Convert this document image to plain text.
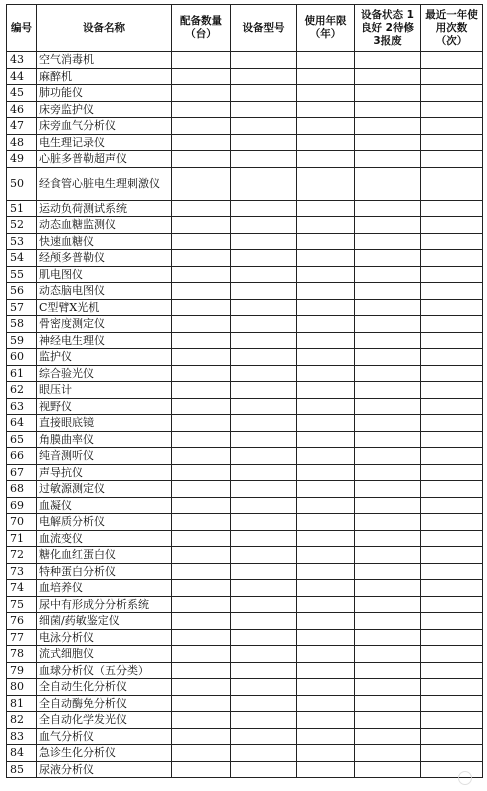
编号	设备名称	配备数量（台）	设备型号	使用年限（年）	设备状态 1良好 2待修 3报废	最近一年使用次数（次）
43	空气消毒机					
44	麻醉机					
45	肺功能仪					
46	床旁监护仪					
47	床旁血气分析仪					
48	电生理记录仪					
49	心脏多普勒超声仪					
50	经食管心脏电生理刺激仪					
51	运动负荷测试系统					
52	动态血糖监测仪					
53	快速血糖仪					
54	经颅多普勒仪					
55	肌电图仪					
56	动态脑电图仪					
57	C型臂X光机					
58	骨密度测定仪					
59	神经电生理仪					
60	监护仪					
61	综合验光仪					
62	眼压计					
63	视野仪					
64	直接眼底镜					
65	角膜曲率仪					
66	纯音测听仪					
67	声导抗仪					
68	过敏源测定仪					
69	血凝仪					
70	电解质分析仪					
71	血流变仪					
72	糖化血红蛋白仪					
73	特种蛋白分析仪					
74	血培养仪					
75	尿中有形成分分析系统					
76	细菌/药敏鉴定仪					
77	电泳分析仪					
78	流式细胞仪					
79	血球分析仪（五分类）					
80	全自动生化分析仪					
81	全自动酶免分析仪					
82	全自动化学发光仪					
83	血气分析仪					
84	急诊生化分析仪					
85	尿液分析仪					
